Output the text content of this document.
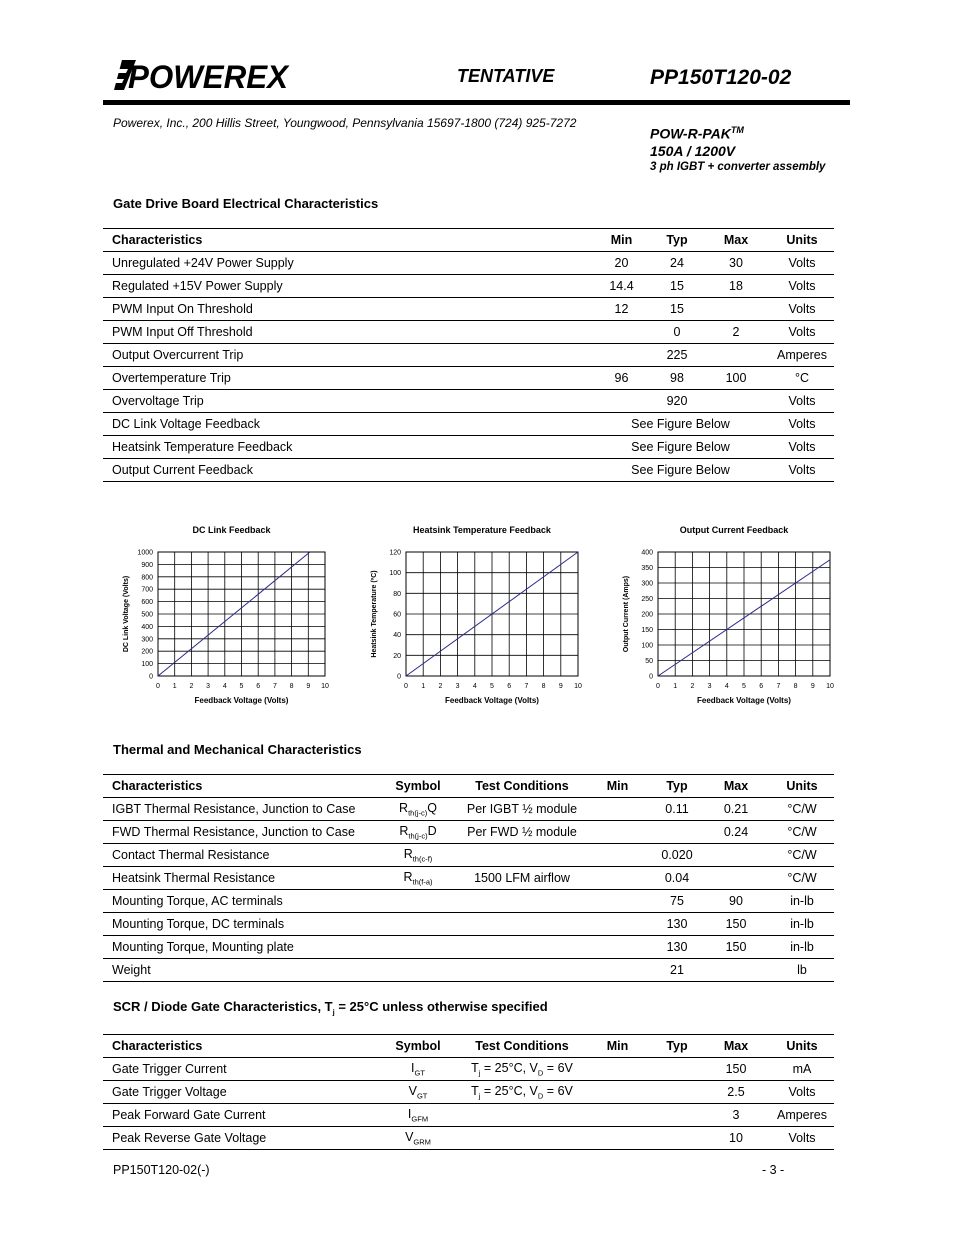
POWEREX	TENTATIVE	PP150T120-02
Powerex, Inc., 200 Hillis Street, Youngwood, Pennsylvania 15697-1800 (724) 925-7272
POW-R-PAK™
150A / 1200V
3 ph IGBT + converter assembly
Gate Drive Board Electrical Characteristics
Characteristics	Min	Typ	Max	Units
Unregulated +24V Power Supply	20	24	30	Volts
Regulated +15V Power Supply	14.4	15	18	Volts
PWM Input On Threshold	12	15		Volts
PWM Input Off Threshold		0	2	Volts
Output Overcurrent Trip		225		Amperes
Overtemperature Trip	96	98	100	°C
Overvoltage Trip		920		Volts
DC Link Voltage Feedback	See Figure Below			Volts
Heatsink Temperature Feedback	See Figure Below			Volts
Output Current Feedback	See Figure Below			Volts
DC Link Feedback
0 1 2 3 4 5 6 7 8 9 10
0
100
200
300
400
500
600
700
800
900
1000
Feedback Voltage (Volts)
DC Link Voltage (Volts)
Heatsink Temperature Feedback
0 1 2 3 4 5 6 7 8 9 10
0
20
40
60
80
100
120
Feedback Voltage (Volts)
Heatsink Temperature (ºC)
Output Current Feedback
0 1 2 3 4 5 6 7 8 9 10
0
50
100
150
200
250
300
350
400
Feedback Voltage (Volts)
Output Current (Amps)
Thermal and Mechanical Characteristics
Characteristics	Symbol	Test Conditions	Min	Typ	Max	Units
IGBT Thermal Resistance, Junction to Case	$R_{th(j-c)}Q$	Per IGBT ½ module		0.11	0.21	°C/W
FWD Thermal Resistance, Junction to Case	$R_{th(j-c)}D$	Per FWD ½ module			0.24	°C/W
Contact Thermal Resistance	$R_{th(c-f)}$			0.020		°C/W
Heatsink Thermal Resistance	$R_{th(f-a)}$	1500 LFM airflow		0.04		°C/W
Mounting Torque, AC terminals				75	90	in-lb
Mounting Torque, DC terminals				130	150	in-lb
Mounting Torque, Mounting plate				130	150	in-lb
Weight				21		lb
SCR / Diode Gate Characteristics, $T_j = 25^\circ C$ unless otherwise specified
Characteristics	Symbol	Test Conditions	Min	Typ	Max	Units
Gate Trigger Current	$I_{GT}$	$T_j = 25^\circ C$, $V_D = 6V$			150	mA
Gate Trigger Voltage	$V_{GT}$	$T_j = 25^\circ C$, $V_D = 6V$			2.5	Volts
Peak Forward Gate Current	$I_{GFM}$				3	Amperes
Peak Reverse Gate Voltage	$V_{GRM}$				10	Volts
PP150T120-02(-)	- 3 -
